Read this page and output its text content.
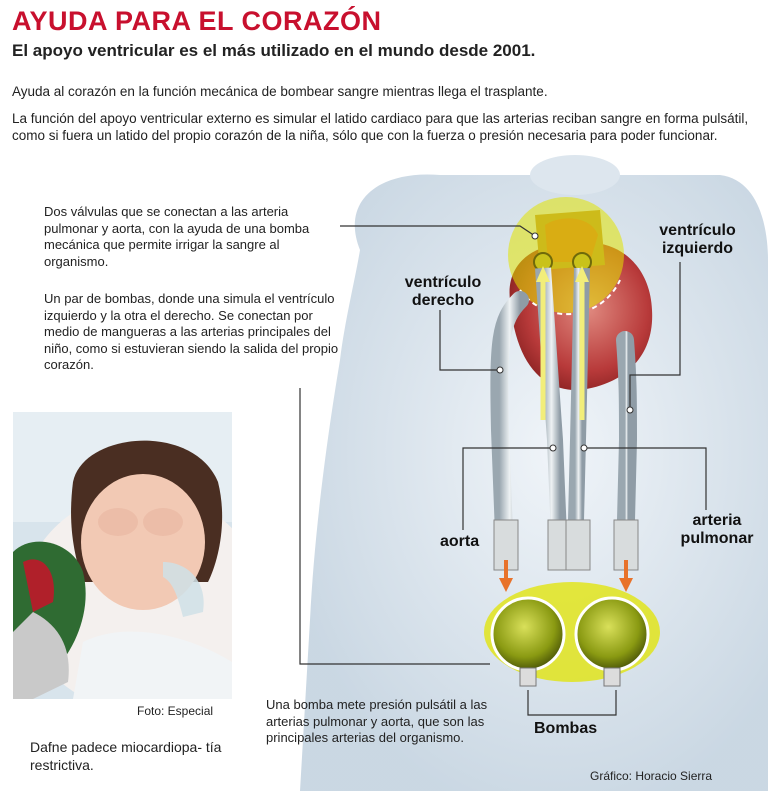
AYUDA PARA EL CORAZÓN
El apoyo ventricular es el más utilizado en el mundo desde 2001.
Ayuda al corazón en la función mecánica de bombear sangre mientras llega el trasplante.
La función del apoyo ventricular externo es simular el latido cardiaco para que las arterias reciban sangre en forma pulsátil, como si fuera un latido del propio corazón de la niña, sólo que con la fuerza o presión necesaria para poder funcionar.
Dos válvulas que se conectan a las arteria pulmonar y aorta, con la ayuda de una bomba mecánica que permite irrigar la sangre al organismo.
Un par de bombas, donde una simula el ventrículo izquierdo y la otra el derecho. Se conectan por medio de mangueras a las arterias principales del niño, como si estuvieran siendo la salida del propio corazón.
Una bomba mete presión pulsátil a las arterias pulmonar y aorta, que son las principales arterias del organismo.
ventrículo derecho
ventrículo izquierdo
aorta
arteria pulmonar
Bombas
Foto: Especial
Dafne padece miocardiopa- tía restrictiva.
Gráfico: Horacio Sierra
